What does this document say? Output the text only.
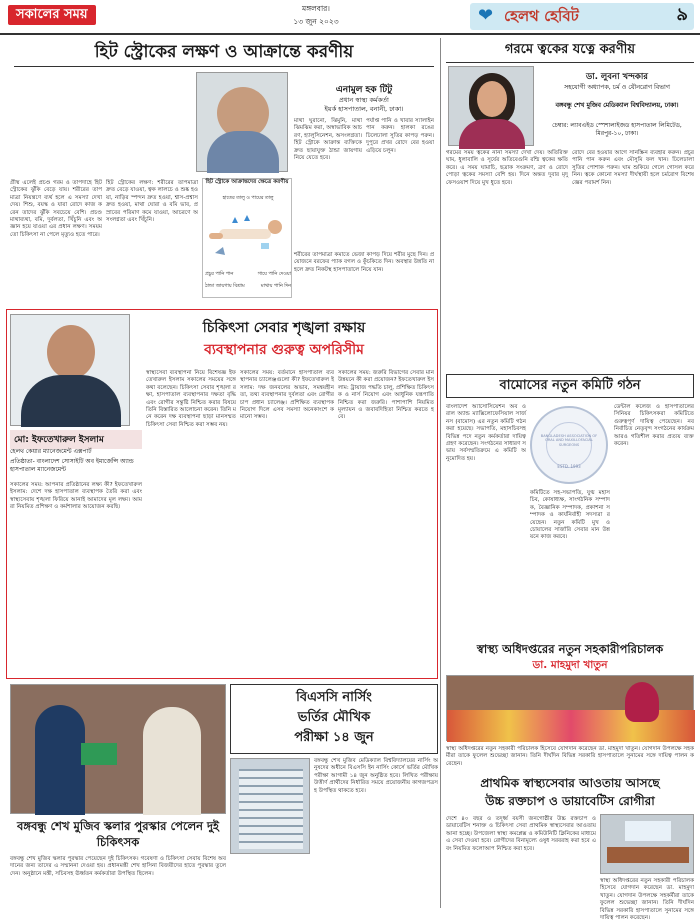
সকালের সময়	মঙ্গলবার।
১৩ জুন ২০২৩	❤ হেলথ হেবিট	৯
হিট স্ট্রোকের লক্ষণ ও আক্রান্তে করণীয়
এনামুল হক টিটু
প্রধান স্বাস্থ্য কর্মকর্তা
ইয়র্ক হাসপাতাল, বনানী, ঢাকা।
গ্রীষ্ম এলেই প্রচণ্ড গরম ও তাপদাহে হিট স্ট্রোকের ঝুঁকি বেড়ে যায়। শরীরের তাপমাত্রা নিয়ন্ত্রণে ব্যর্থ হলে এ সমস্যা দেখা দেয়। শিশু, বয়স্ক ও যারা রোদে কাজ করেন তাদের ঝুঁকি সবচেয়ে বেশি। প্রচণ্ড মাথাব্যথা, বমি, দুর্বলতা, খিঁচুনি এবং অজ্ঞান হয়ে যাওয়া এর প্রধান লক্ষণ। সময়মতো চিকিৎসা না পেলে মৃত্যুও হতে পারে।
হিট স্ট্রোকের লক্ষণ: শরীরের তাপমাত্রা দ্রুত বেড়ে যাওয়া, ত্বক লালচে ও শুষ্ক হওয়া, নাড়ির স্পন্দন দ্রুত হওয়া, শ্বাস-প্রশ্বাস দ্রুত হওয়া, মাথা ঘোরা ও বমি ভাব, প্রস্রাবের পরিমাণ কমে যাওয়া, আচরণে অসংলগ্নতা এবং খিঁচুনি।
মাথা ঘুরানো, ঝিমুনি, মাথা ঝিমঝিম করা, অস্বাভাবিক আচরণ, হ্যালুসিনেশন, অসংলগ্নতা। হিট স্ট্রোকে আক্রান্ত ব্যক্তিকে দ্রুত ছায়াযুক্ত ঠান্ডা জায়গায় নিয়ে যেতে হবে।
পর্যাপ্ত পানি ও খাবার স্যালাইন পান করুন। হালকা রঙের ঢিলেঢালা সুতির কাপড় পরুন। দুপুরে প্রখর রোদে বের হওয়া এড়িয়ে চলুন।
শরীরের তাপমাত্রা কমাতে ভেজা কাপড় দিয়ে শরীর মুছে দিন। প্রয়োজনে বরফের প্যাক বগল ও কুঁচকিতে দিন। অবস্থার উন্নতি না হলে দ্রুত নিকটস্থ হাসপাতালে নিয়ে যান।
হিট স্ট্রোকে আক্রান্তদের ক্ষেত্রে করণীয়
হাতের তালু ও পায়ের তালু
প্রচুর পানি পান	গায়ে পানি দেওয়া
ঠান্ডা জায়গায় বিশ্রাম	মাথায় পানি দিন
গরমে ত্বকের যত্নে করণীয়
ডা. লুবনা খন্দকার
সহযোগী অধ্যাপক, চর্ম ও যৌনরোগ বিভাগ
বঙ্গবন্ধু শেখ মুজিব মেডিক্যাল বিশ্ববিদ্যালয়, ঢাকা।
চেম্বার: ল্যাবএইড স্পেশালাইজড হাসপাতাল লিমিটেড, মিরপুর-১০, ঢাকা।
গরমের সময় ত্বকের নানা সমস্যা দেখা দেয়। অতিরিক্ত ঘাম, ধুলাবালি ও সূর্যের অতিবেগুনি রশ্মি ত্বকের ক্ষতি করে। এ সময় ঘামাচি, ছত্রাক সংক্রমণ, ব্রণ ও রোদে পোড়া ত্বকের সমস্যা বেশি হয়। দিনে অন্তত দুবার মৃদু ফেসওয়াশ দিয়ে মুখ ধুতে হবে।
রোদে বের হওয়ার আগে সানস্ক্রিন ব্যবহার করুন। প্রচুর পানি পান করুন এবং মৌসুমি ফল খান। ঢিলেঢালা সুতির পোশাক পরুন। ঘাম শুকিয়ে গেলে গোসল করে নিন। ত্বকে কোনো সমস্যা দীর্ঘস্থায়ী হলে চর্মরোগ বিশেষজ্ঞের পরামর্শ নিন।
চিকিৎসা সেবার শৃঙ্খলা রক্ষায়
ব্যবস্থাপনার গুরুত্ব অপরিসীম
স্বাস্থ্যসেবা ব্যবস্থাপনা নিয়ে বিশেষজ্ঞ ইফতেখারুল ইসলাম সকালের সময়ের সঙ্গে কথা বলেছেন। চিকিৎসা সেবার শৃঙ্খলা রক্ষা, হাসপাতাল ব্যবস্থাপনার দক্ষতা বৃদ্ধি এবং রোগীর সন্তুষ্টি নিশ্চিত করার বিষয়ে তিনি বিস্তারিত আলোচনা করেন। তিনি মনে করেন দক্ষ ব্যবস্থাপনা ছাড়া মানসম্মত চিকিৎসা সেবা নিশ্চিত করা সম্ভব নয়।
সকালের সময়: বর্তমানে হাসপাতাল ব্যবস্থাপনার চ্যালেঞ্জগুলো কী? ইফতেখারুল ইসলাম: দক্ষ জনবলের অভাব, সমন্বয়হীনতা, তথ্য ব্যবস্থাপনার দুর্বলতা এবং রোগীর চাপ প্রধান চ্যালেঞ্জ। প্রশিক্ষিত ব্যবস্থাপক নিয়োগ দিলে এসব সমস্যা অনেকাংশে কমানো সম্ভব।
সকালের সময়: জরুরি বিভাগের সেবার মান উন্নয়নে কী করা প্রয়োজন? ইফতেখারুল ইসলাম: ট্রায়াজ পদ্ধতি চালু, প্রশিক্ষিত চিকিৎসক ও নার্স নিয়োগ এবং আধুনিক যন্ত্রপাতি নিশ্চিত করা জরুরি। পাশাপাশি নিয়মিত মূল্যায়ন ও জবাবদিহিতা নিশ্চিত করতে হবে।
মো: ইফতেখারুল ইসলাম
হেলথ কেয়ার ম্যানেজমেন্ট এক্সপার্ট
প্রতিষ্ঠাতা- বাংলাদেশ সোসাইটি অব ইমার্জেন্সি অ্যান্ড হাসপাতাল ম্যানেজমেন্ট
সকালের সময়: আপনার প্রতিষ্ঠানের লক্ষ্য কী? ইফতেখারুল ইসলাম: দেশে দক্ষ হাসপাতাল ব্যবস্থাপক তৈরি করা এবং স্বাস্থ্যসেবায় শৃঙ্খলা ফিরিয়ে আনাই আমাদের মূল লক্ষ্য। আমরা নিয়মিত প্রশিক্ষণ ও কর্মশালার আয়োজন করছি।
বামোসের নতুন কমিটি গঠন
বাংলাদেশ অ্যাসোসিয়েশন অব ওরাল অ্যান্ড ম্যাক্সিলোফেসিয়াল সার্জনস (বামোস) এর নতুন কমিটি গঠন করা হয়েছে। সভাপতি, মহাসচিবসহ বিভিন্ন পদে নতুন কর্মকর্তারা দায়িত্ব গ্রহণ করেছেন। সংগঠনের সাধারণ সভায় সর্বসম্মতিক্রমে এ কমিটি অনুমোদিত হয়।
BANGLADESH ASSOCIATION OF ORAL AND MAXILLOFACIAL SURGEONS
ESTD. 1993
কমিটিতে সহ-সভাপতি, যুগ্ম মহাসচিব, কোষাধ্যক্ষ, সাংগঠনিক সম্পাদক, বৈজ্ঞানিক সম্পাদক, প্রকাশনা সম্পাদক ও কার্যনির্বাহী সদস্যরা রয়েছেন। নতুন কমিটি মুখ ও চোয়ালের সার্জারি সেবার মান উন্নয়নে কাজ করবে।
ডেন্টাল কলেজ ও হাসপাতালের সিনিয়র চিকিৎসকরা কমিটিতে গুরুত্বপূর্ণ দায়িত্ব পেয়েছেন। নবনির্বাচিত নেতৃবৃন্দ সংগঠনের কার্যক্রম আরও গতিশীল করার প্রত্যয় ব্যক্ত করেন।
স্বাস্থ্য অধিদপ্তরের নতুন সহকারীপরিচালক
ডা. মাহমুদা খাতুন
স্বাস্থ্য অধিদপ্তরের নতুন সহকারী পরিচালক হিসেবে যোগদান করেছেন ডা. মাহমুদা খাতুন। যোগদান উপলক্ষে সহকর্মীরা তাকে ফুলেল শুভেচ্ছা জানান। তিনি দীর্ঘদিন বিভিন্ন সরকারি হাসপাতালে সুনামের সঙ্গে দায়িত্ব পালন করেছেন।
বিএসসি নার্সিং
ভর্তির মৌখিক
পরীক্ষা ১৪ জুন
বঙ্গবন্ধু শেখ মুজিব মেডিক্যাল বিশ্ববিদ্যালয়ের নার্সিং অনুষদের অধীনে বিএসসি ইন নার্সিং কোর্সে ভর্তির মৌখিক পরীক্ষা আগামী ১৪ জুন অনুষ্ঠিত হবে। লিখিত পরীক্ষায় উত্তীর্ণ প্রার্থীদের নির্ধারিত সময়ে প্রয়োজনীয় কাগজপত্রসহ উপস্থিত থাকতে হবে।
বঙ্গবন্ধু শেখ মুজিব স্কলার পুরস্কার পেলেন দুই চিকিৎসক
বঙ্গবন্ধু শেখ মুজিব স্কলার পুরস্কার পেয়েছেন দুই চিকিৎসক। গবেষণা ও চিকিৎসা সেবায় বিশেষ অবদানের জন্য তাদের এ সম্মাননা দেওয়া হয়। প্রধানমন্ত্রী শেখ হাসিনা বিজয়ীদের হাতে পুরস্কার তুলে দেন। অনুষ্ঠানে মন্ত্রী, সচিবসহ ঊর্ধ্বতন কর্মকর্তারা উপস্থিত ছিলেন।
প্রাথমিক স্বাস্থ্যসেবার আওতায় আসছে
উচ্চ রক্তচাপ ও ডায়াবেটিস রোগীরা
দেশে ৪০ বছর ও তদূর্ধ্ব বয়সী জনগোষ্ঠীর উচ্চ রক্তচাপ ও ডায়াবেটিস শনাক্ত ও চিকিৎসা সেবা প্রাথমিক স্বাস্থ্যসেবার আওতায় আনা হচ্ছে। উপজেলা স্বাস্থ্য কমপ্লেক্স ও কমিউনিটি ক্লিনিকের মাধ্যমে এ সেবা দেওয়া হবে। রোগীদের বিনামূল্যে ওষুধ সরবরাহ করা হবে এবং নিয়মিত ফলোআপ নিশ্চিত করা হবে।
স্বাস্থ্য অধিদপ্তরের নতুন সহকারী পরিচালক হিসেবে যোগদান করেছেন ডা. মাহমুদা খাতুন। যোগদান উপলক্ষে সহকর্মীরা তাকে ফুলেল শুভেচ্ছা জানান। তিনি দীর্ঘদিন বিভিন্ন সরকারি হাসপাতালে সুনামের সঙ্গে দায়িত্ব পালন করেছেন।
